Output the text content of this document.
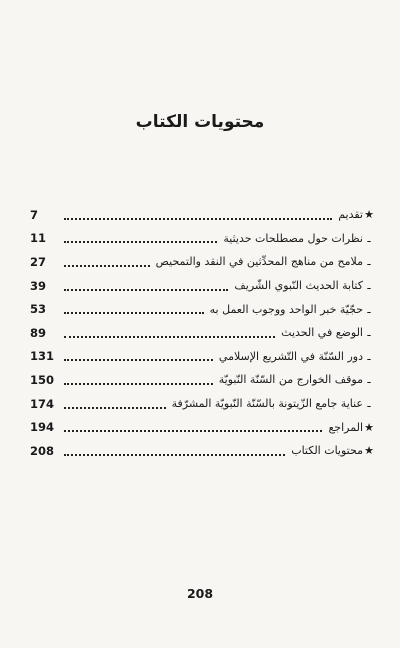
محتويات الكتاب
★
تقديم
7
ـ
نظرات حول مصطلحات حديثية
11
ـ
ملامح من مناهج المحدِّثين في النقد والتمحيص
27
ـ
كتابة الحديث النّبوي الشّريف
39
ـ
حجّيّة خبر الواحد ووجوب العمل به
53
ـ
الوضع في الحديث
89
ـ
دور السّنّة في التّشريع الإسلامي
131
ـ
موقف الخوارج من السّنّة النّبويّة
150
ـ
عناية جامع الزّيتونة بالسّنّة النّبويّة المشرّفة
174
★
المراجع
194
★
محتويات الكتاب
208
208
